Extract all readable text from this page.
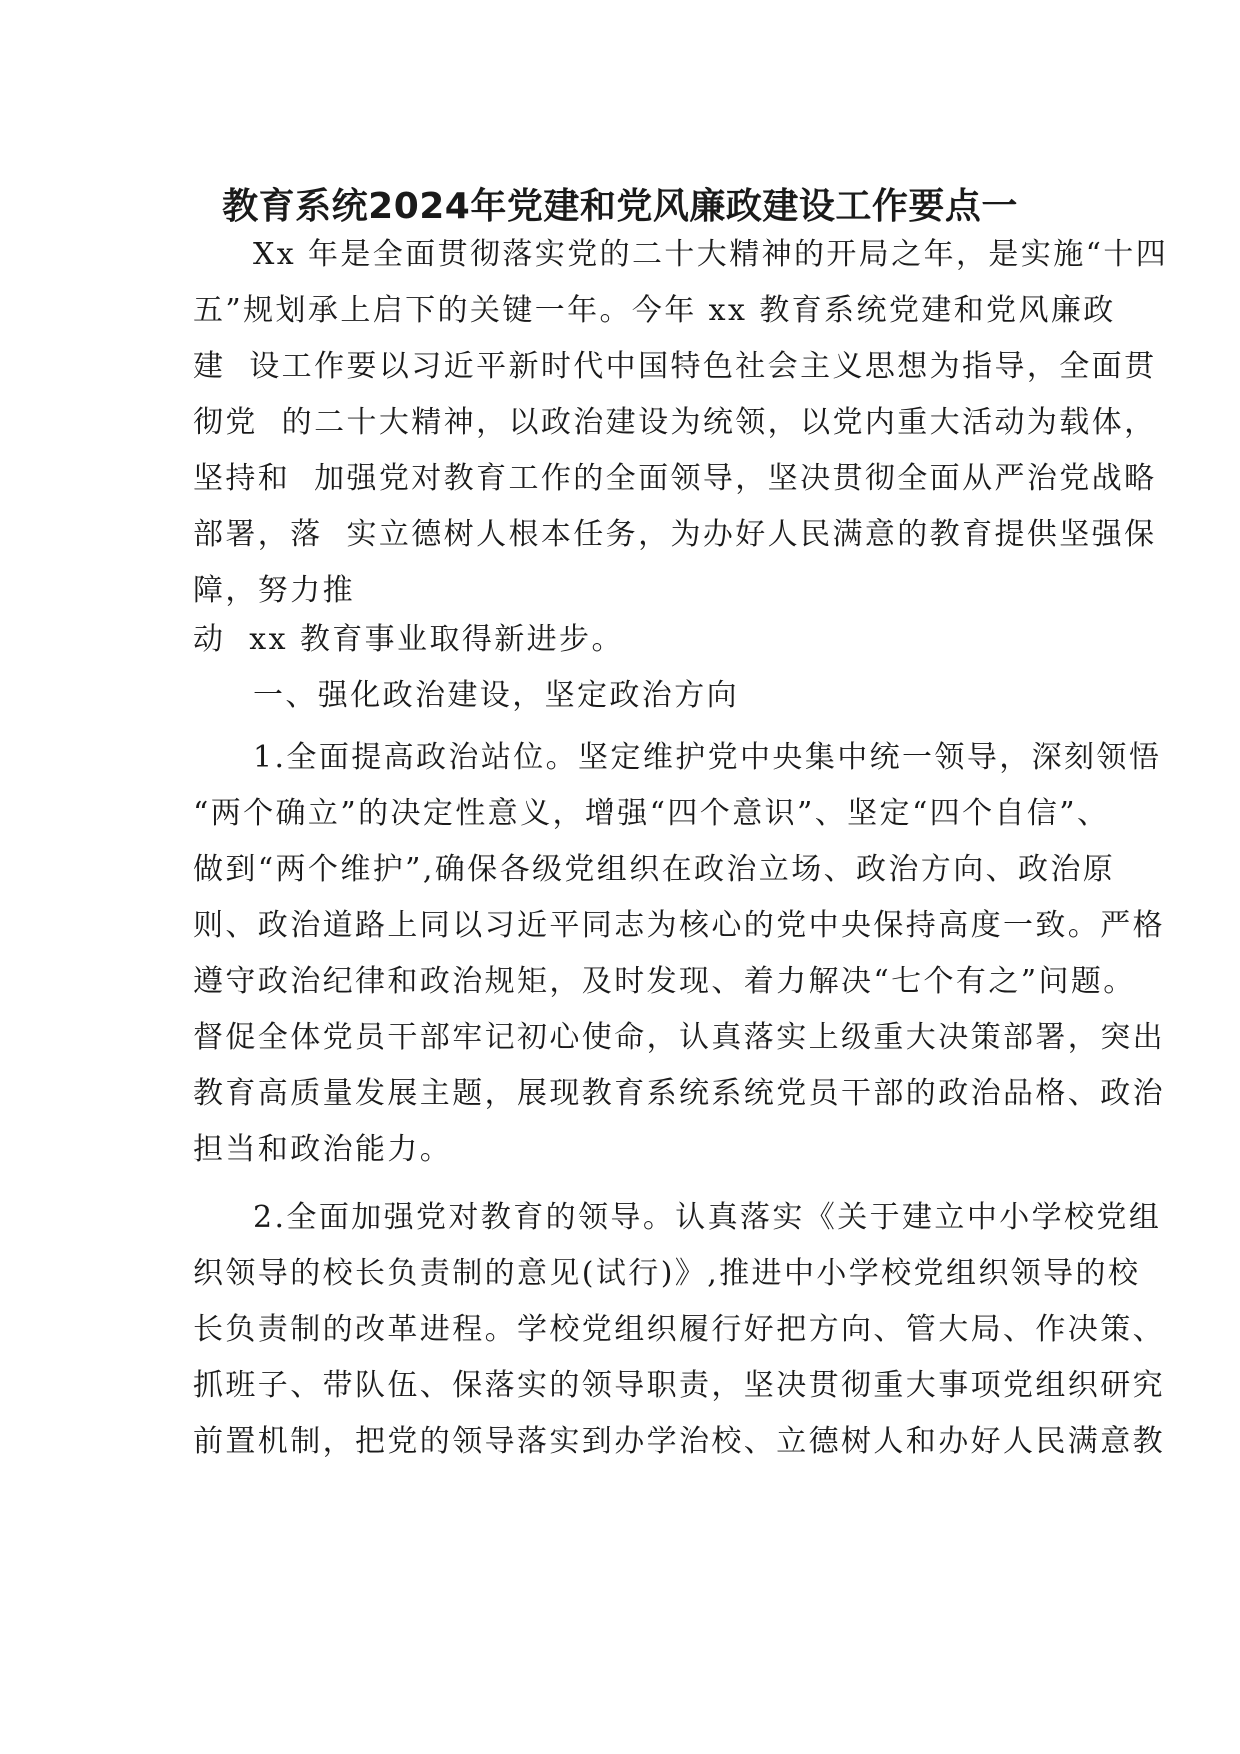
教育系统2024年党建和党风廉政建设工作要点一

Xx 年是全面贯彻落实党的二十大精神的开局之年，是实施“十四

五”规划承上启下的关键一年。今年 xx 教育系统党建和党风廉政

建  设工作要以习近平新时代中国特色社会主义思想为指导，全面贯

彻党  的二十大精神，以政治建设为统领，以党内重大活动为载体，

坚持和  加强党对教育工作的全面领导，坚决贯彻全面从严治党战略

部署，落  实立德树人根本任务，为办好人民满意的教育提供坚强保

障，努力推

动  xx 教育事业取得新进步。

一、强化政治建设，坚定政治方向

1.全面提高政治站位。坚定维护党中央集中统一领导，深刻领悟

“两个确立”的决定性意义，增强“四个意识”、坚定“四个自信”、

做到“两个维护”,确保各级党组织在政治立场、政治方向、政治原

则、政治道路上同以习近平同志为核心的党中央保持高度一致。严格

遵守政治纪律和政治规矩，及时发现、着力解决“七个有之”问题。

督促全体党员干部牢记初心使命，认真落实上级重大决策部署，突出

教育高质量发展主题，展现教育系统系统党员干部的政治品格、政治

担当和政治能力。

2.全面加强党对教育的领导。认真落实《关于建立中小学校党组

织领导的校长负责制的意见(试行)》,推进中小学校党组织领导的校

长负责制的改革进程。学校党组织履行好把方向、管大局、作决策、

抓班子、带队伍、保落实的领导职责，坚决贯彻重大事项党组织研究

前置机制，把党的领导落实到办学治校、立德树人和办好人民满意教
